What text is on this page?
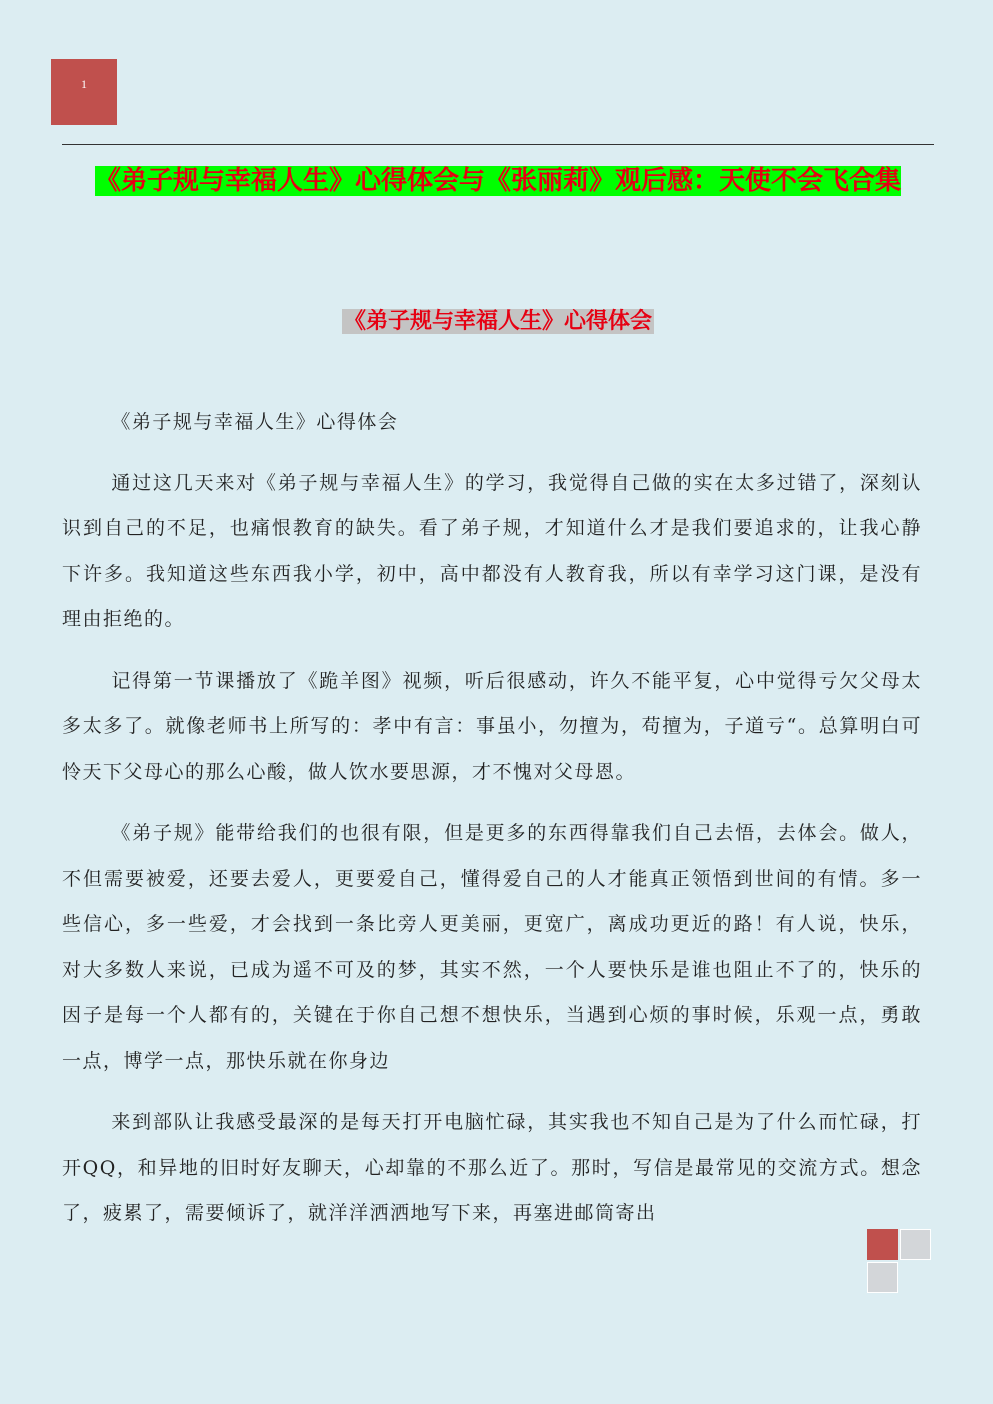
1
《弟子规与幸福人生》心得体会与《张丽莉》观后感：天使不会飞合集
《弟子规与幸福人生》心得体会

《弟子规与幸福人生》心得体会

通过这几天来对《弟子规与幸福人生》的学习，我觉得自己做的实在太多过错了，深刻认识到自己的不足，也痛恨教育的缺失。看了弟子规，才知道什么才是我们要追求的，让我心静下许多。我知道这些东西我小学，初中，高中都没有人教育我，所以有幸学习这门课，是没有理由拒绝的。

记得第一节课播放了《跪羊图》视频，听后很感动，许久不能平复，心中觉得亏欠父母太多太多了。就像老师书上所写的：孝中有言：事虽小，勿擅为，苟擅为，子道亏“。总算明白可怜天下父母心的那么心酸，做人饮水要思源，才不愧对父母恩。

《弟子规》能带给我们的也很有限，但是更多的东西得靠我们自己去悟，去体会。做人，不但需要被爱，还要去爱人，更要爱自己，懂得爱自己的人才能真正领悟到世间的有情。多一些信心，多一些爱，才会找到一条比旁人更美丽，更宽广，离成功更近的路！有人说，快乐，对大多数人来说，已成为遥不可及的梦，其实不然，一个人要快乐是谁也阻止不了的，快乐的因子是每一个人都有的，关键在于你自己想不想快乐，当遇到心烦的事时候，乐观一点，勇敢一点，博学一点，那快乐就在你身边

来到部队让我感受最深的是每天打开电脑忙碌，其实我也不知自己是为了什么而忙碌，打开QQ，和异地的旧时好友聊天，心却靠的不那么近了。那时，写信是最常见的交流方式。想念了，疲累了，需要倾诉了，就洋洋洒洒地写下来，再塞进邮筒寄出
